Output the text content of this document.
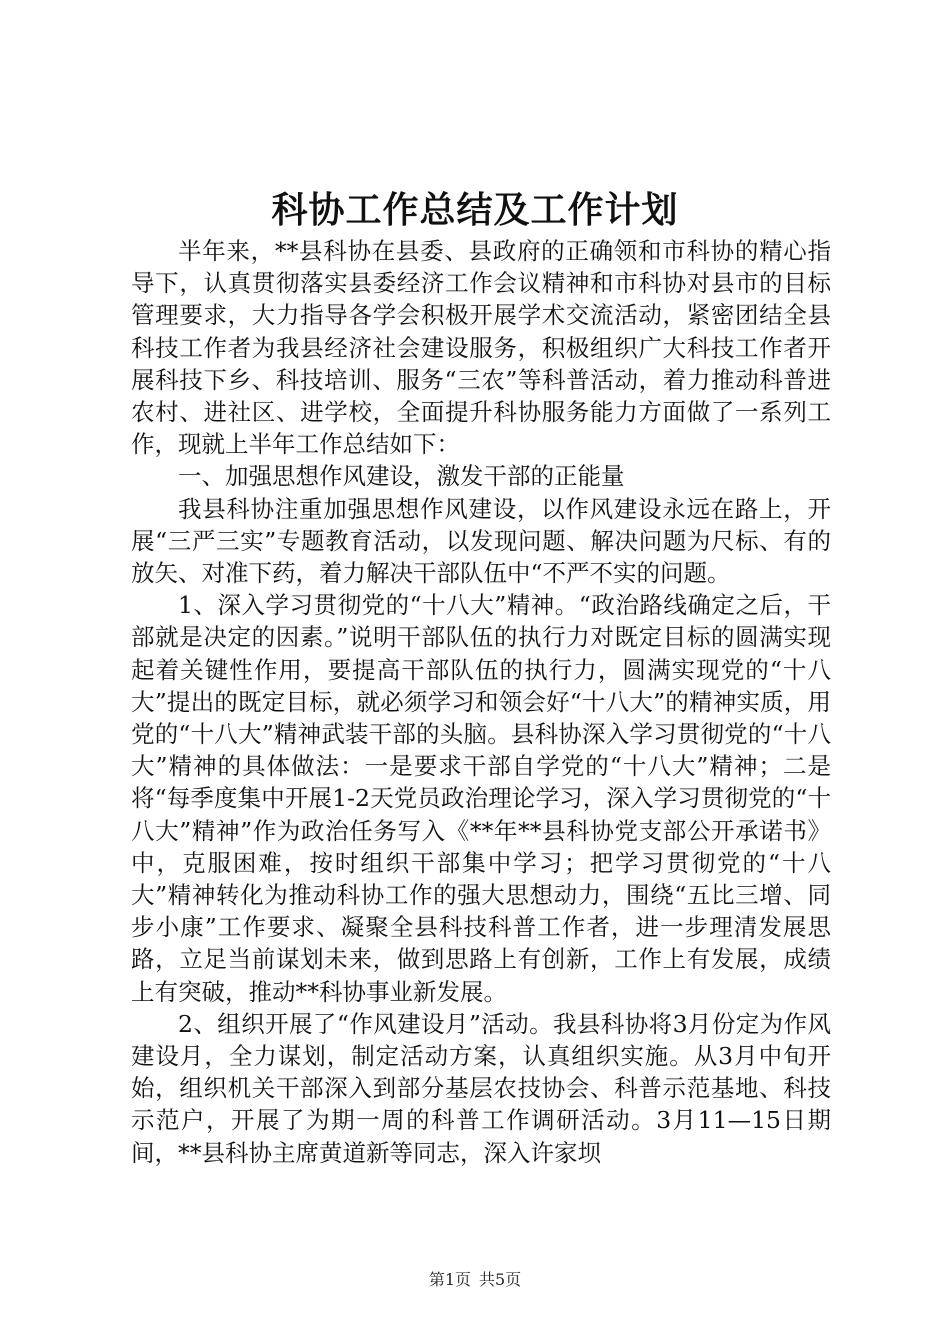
科协工作总结及工作计划

半年来，**县科协在县委、县政府的正确领和市科协的精心指导下，认真贯彻落实县委经济工作会议精神和市科协对县市的目标管理要求，大力指导各学会积极开展学术交流活动，紧密团结全县科技工作者为我县经济社会建设服务，积极组织广大科技工作者开展科技下乡、科技培训、服务“三农”等科普活动，着力推动科普进农村、进社区、进学校，全面提升科协服务能力方面做了一系列工作，现就上半年工作总结如下：

一、加强思想作风建设，激发干部的正能量

我县科协注重加强思想作风建设，以作风建设永远在路上，开展“三严三实”专题教育活动，以发现问题、解决问题为尺标、有的放矢、对准下药，着力解决干部队伍中“不严不实的问题。

1、深入学习贯彻党的“十八大”精神。“政治路线确定之后，干部就是决定的因素。”说明干部队伍的执行力对既定目标的圆满实现起着关键性作用，要提高干部队伍的执行力，圆满实现党的“十八大”提出的既定目标，就必须学习和领会好“十八大”的精神实质，用党的“十八大”精神武装干部的头脑。县科协深入学习贯彻党的“十八大”精神的具体做法：一是要求干部自学党的“十八大”精神；二是将“每季度集中开展1-2天党员政治理论学习，深入学习贯彻党的“十八大”精神”作为政治任务写入《**年**县科协党支部公开承诺书》中，克服困难，按时组织干部集中学习；把学习贯彻党的“十八大”精神转化为推动科协工作的强大思想动力，围绕“五比三增、同步小康”工作要求、凝聚全县科技科普工作者，进一步理清发展思路，立足当前谋划未来，做到思路上有创新，工作上有发展，成绩上有突破，推动**科协事业新发展。

2、组织开展了“作风建设月”活动。我县科协将3月份定为作风建设月，全力谋划，制定活动方案，认真组织实施。从3月中旬开始，组织机关干部深入到部分基层农技协会、科普示范基地、科技示范户，开展了为期一周的科普工作调研活动。3月11—15日期间，**县科协主席黄道新等同志，深入许家坝

第1页 共5页
